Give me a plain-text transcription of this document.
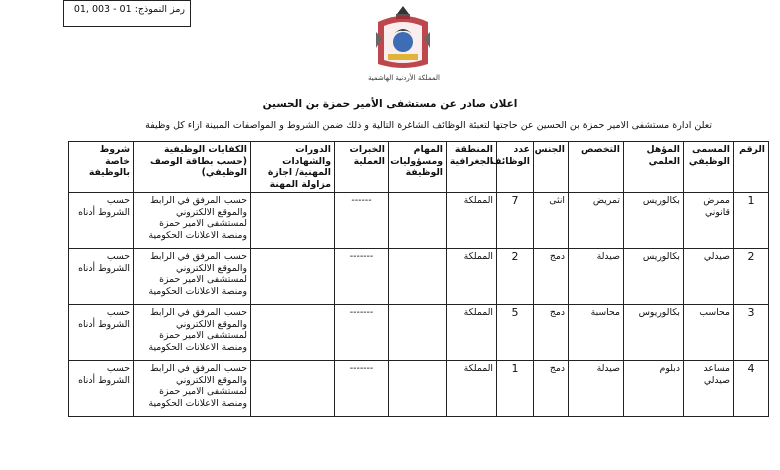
رمز النموذج: 01, 003 - 01
المملكة الأردنية الهاشمية
اعلان صادر عن مستشفى الأمير حمزة بن الحسين
تعلن ادارة مستشفى الامير حمزة بن الحسين عن حاجتها لتعبئة الوظائف الشاغرة التالية و ذلك ضمن الشروط و المواصفات المبينة ازاء كل وظيفة
الرقم	المسمى الوظيفي	المؤهل العلمي	التخصص	الجنس	عدد الوظائف	المنطقة الجغرافية	المهام ومسؤوليات الوظيفة	الخبرات العملية	الدورات والشهادات المهنية/ اجازة مزاولة المهنة	الكفايات الوظيفية (حسب بطاقة الوصف الوظيفي)	شروط خاصة بالوظيفة
1	ممرض قانوني	بكالوريس	تمريض	انثى	7	المملكة		------		حسب المرفق في الرابط والموقع الالكتروني لمستشفى الامير حمزة ومنصة الاعلانات الحكومية	حسب الشروط أدناه
2	صيدلي	بكالوريس	صيدلة	دمج	2	المملكة		-------		حسب المرفق في الرابط والموقع الالكتروني لمستشفى الامير حمزة ومنصة الاعلانات الحكومية	حسب الشروط أدناه
3	محاسب	بكالوريوس	محاسبة	دمج	5	المملكة		-------		حسب المرفق في الرابط والموقع الالكتروني لمستشفى الامير حمزة ومنصة الاعلانات الحكومية	حسب الشروط أدناه
4	مساعد صيدلي	دبلوم	صيدلة	دمج	1	المملكة		-------		حسب المرفق في الرابط والموقع الالكتروني لمستشفى الامير حمزة ومنصة الاعلانات الحكومية	حسب الشروط أدناه
